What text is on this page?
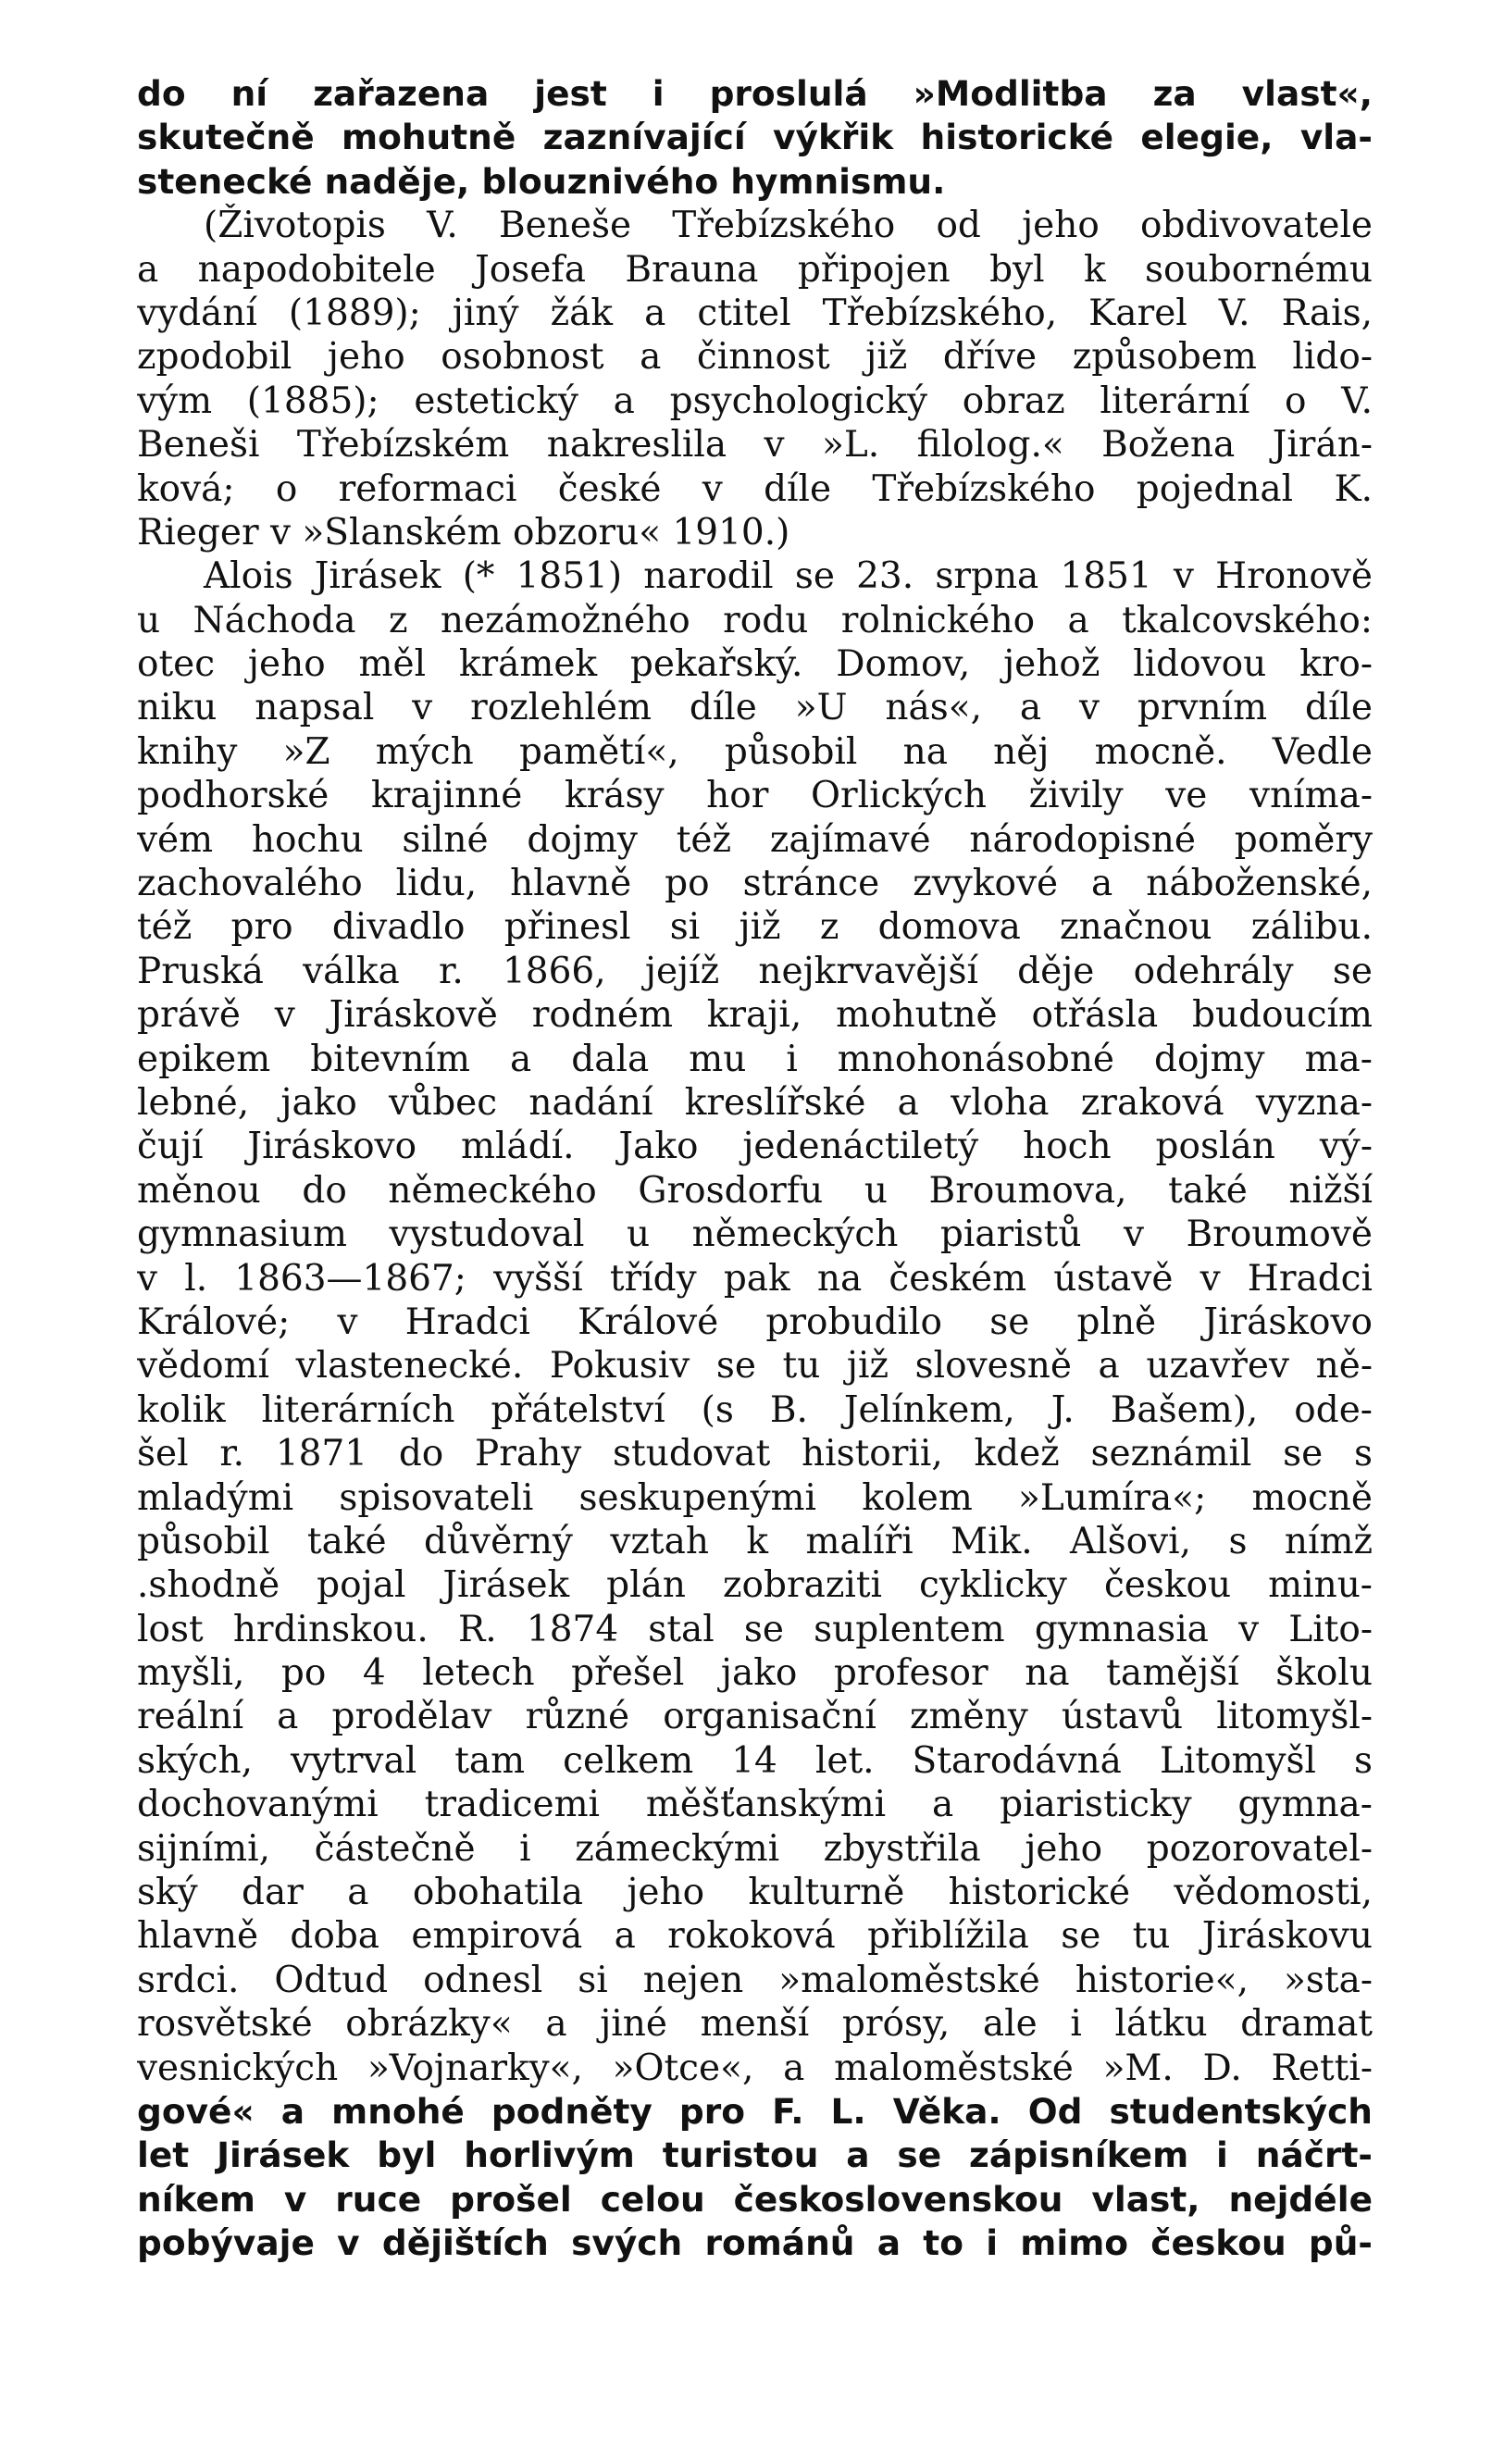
do ní zařazena jest i proslulá »Modlitba za vlast«,
skutečně mohutně zaznívající výkřik historické elegie, vla-
stenecké naděje, blouznivého hymnismu.
(Životopis V. Beneše Třebízského od jeho obdivovatele
a napodobitele Josefa Brauna připojen byl k soubornému
vydání (1889); jiný žák a ctitel Třebízského, Karel V. Rais,
zpodobil jeho osobnost a činnost již dříve způsobem lido-
vým (1885); estetický a psychologický obraz literární o V.
Beneši Třebízském nakreslila v »L. filolog.« Božena Jirán-
ková; o reformaci české v díle Třebízského pojednal K.
Rieger v »Slanském obzoru« 1910.)
Alois Jirásek (* 1851) narodil se 23. srpna 1851 v Hronově
u Náchoda z nezámožného rodu rolnického a tkalcovského:
otec jeho měl krámek pekařský. Domov, jehož lidovou kro-
niku napsal v rozlehlém díle »U nás«, a v prvním díle
knihy »Z mých pamětí«, působil na něj mocně. Vedle
podhorské krajinné krásy hor Orlických živily ve vníma-
vém hochu silné dojmy též zajímavé národopisné poměry
zachovalého lidu, hlavně po stránce zvykové a náboženské,
též pro divadlo přinesl si již z domova značnou zálibu.
Pruská válka r. 1866, jejíž nejkrvavější děje odehrály se
právě v Jiráskově rodném kraji, mohutně otřásla budoucím
epikem bitevním a dala mu i mnohonásobné dojmy ma-
lebné, jako vůbec nadání kreslířské a vloha zraková vyzna-
čují Jiráskovo mládí. Jako jedenáctiletý hoch poslán vý-
měnou do německého Grosdorfu u Broumova, také nižší
gymnasium vystudoval u německých piaristů v Broumově
v l. 1863—1867; vyšší třídy pak na českém ústavě v Hradci
Králové; v Hradci Králové probudilo se plně Jiráskovo
vědomí vlastenecké. Pokusiv se tu již slovesně a uzavřev ně-
kolik literárních přátelství (s B. Jelínkem, J. Bašem), ode-
šel r. 1871 do Prahy studovat historii, kdež seznámil se s
mladými spisovateli seskupenými kolem »Lumíra«; mocně
působil také důvěrný vztah k malíři Mik. Alšovi, s nímž
.shodně pojal Jirásek plán zobraziti cyklicky českou minu-
lost hrdinskou. R. 1874 stal se suplentem gymnasia v Lito-
myšli, po 4 letech přešel jako profesor na tamější školu
reální a prodělav různé organisační změny ústavů litomyšl-
ských, vytrval tam celkem 14 let. Starodávná Litomyšl s
dochovanými tradicemi měšťanskými a piaristicky gymna-
sijními, částečně i zámeckými zbystřila jeho pozorovatel-
ský dar a obohatila jeho kulturně historické vědomosti,
hlavně doba empirová a rokoková přiblížila se tu Jiráskovu
srdci. Odtud odnesl si nejen »maloměstské historie«, »sta-
rosvětské obrázky« a jiné menší prósy, ale i látku dramat
vesnických »Vojnarky«, »Otce«, a maloměstské »M. D. Retti-
gové« a mnohé podněty pro F. L. Věka. Od studentských
let Jirásek byl horlivým turistou a se zápisníkem i náčrt-
níkem v ruce prošel celou československou vlast, nejdéle
pobývaje v dějištích svých románů a to i mimo českou pů-
